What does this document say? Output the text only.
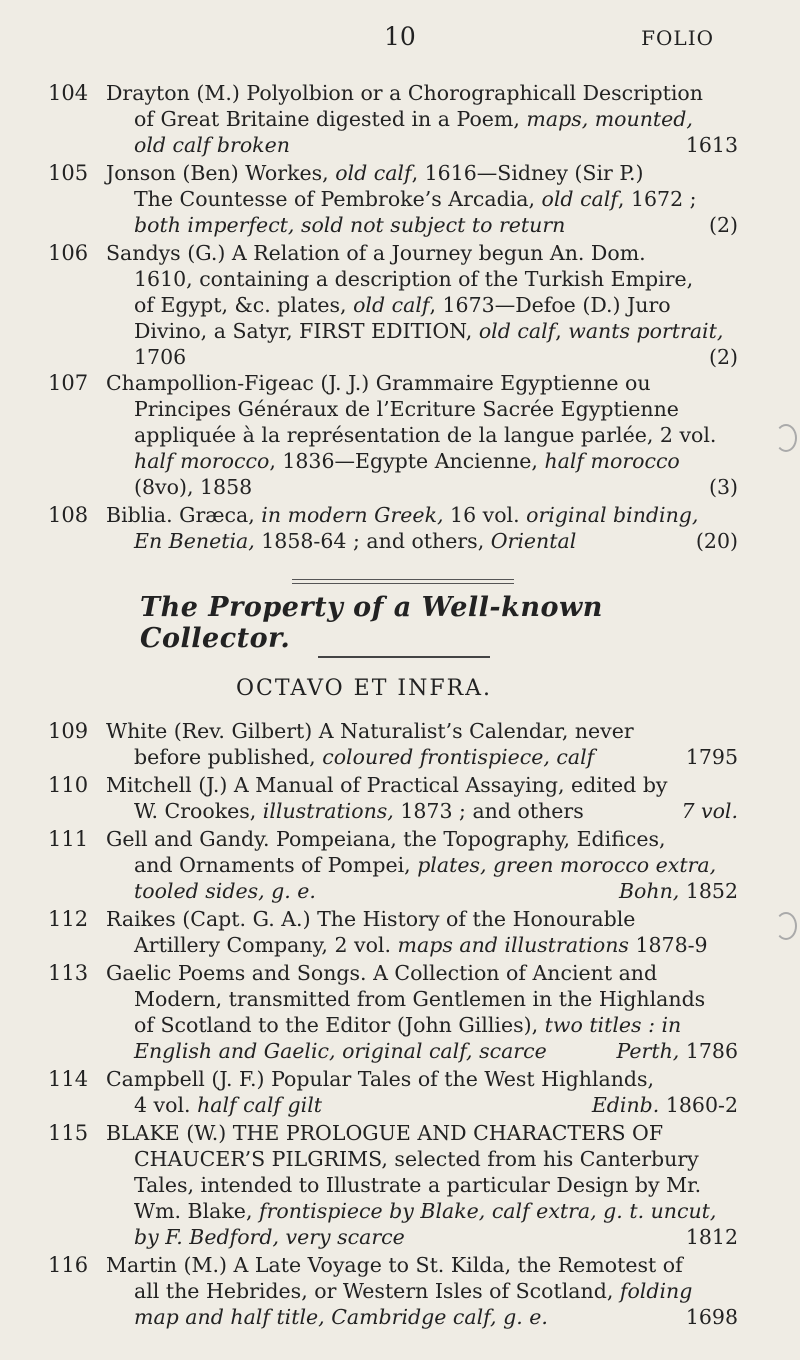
10	FOLIO
104 Drayton (M.) Polyolbion or a Chorographicall Description
of Great Britaine digested in a Poem, maps, mounted,
old calf broken	1613
105 Jonson (Ben) Workes, old calf, 1616—Sidney (Sir P.)
The Countesse of Pembroke’s Arcadia, old calf, 1672 ;
both imperfect, sold not subject to return	(2)
106 Sandys (G.) A Relation of a Journey begun An. Dom.
1610, containing a description of the Turkish Empire,
of Egypt, &c. plates, old calf, 1673—Defoe (D.) Juro
Divino, a Satyr, FIRST EDITION, old calf, wants portrait,
1706	(2)
107 Champollion-Figeac (J. J.) Grammaire Egyptienne ou
Principes Généraux de l’Ecriture Sacrée Egyptienne
appliquée à la représentation de la langue parlée, 2 vol.
half morocco, 1836—Egypte Ancienne, half morocco
(8vo), 1858	(3)
108 Biblia. Græca, in modern Greek, 16 vol. original binding,
En Benetia, 1858-64 ; and others, Oriental	(20)
The Property of a Well-known Collector.
OCTAVO ET INFRA.
109 White (Rev. Gilbert) A Naturalist’s Calendar, never
before published, coloured frontispiece, calf	1795
110 Mitchell (J.) A Manual of Practical Assaying, edited by
W. Crookes, illustrations, 1873 ; and others	7 vol.
111 Gell and Gandy. Pompeiana, the Topography, Edifices,
and Ornaments of Pompei, plates, green morocco extra,
tooled sides, g. e.	Bohn, 1852
112 Raikes (Capt. G. A.) The History of the Honourable
Artillery Company, 2 vol. maps and illustrations 1878-9
113 Gaelic Poems and Songs. A Collection of Ancient and
Modern, transmitted from Gentlemen in the Highlands
of Scotland to the Editor (John Gillies), two titles : in
English and Gaelic, original calf, scarce	Perth, 1786
114 Campbell (J. F.) Popular Tales of the West Highlands,
4 vol. half calf gilt	Edinb. 1860-2
115 BLAKE (W.) THE PROLOGUE AND CHARACTERS OF
CHAUCER’S PILGRIMS, selected from his Canterbury
Tales, intended to Illustrate a particular Design by Mr.
Wm. Blake, frontispiece by Blake, calf extra, g. t. uncut,
by F. Bedford, very scarce	1812
116 Martin (M.) A Late Voyage to St. Kilda, the Remotest of
all the Hebrides, or Western Isles of Scotland, folding
map and half title, Cambridge calf, g. e.	1698
